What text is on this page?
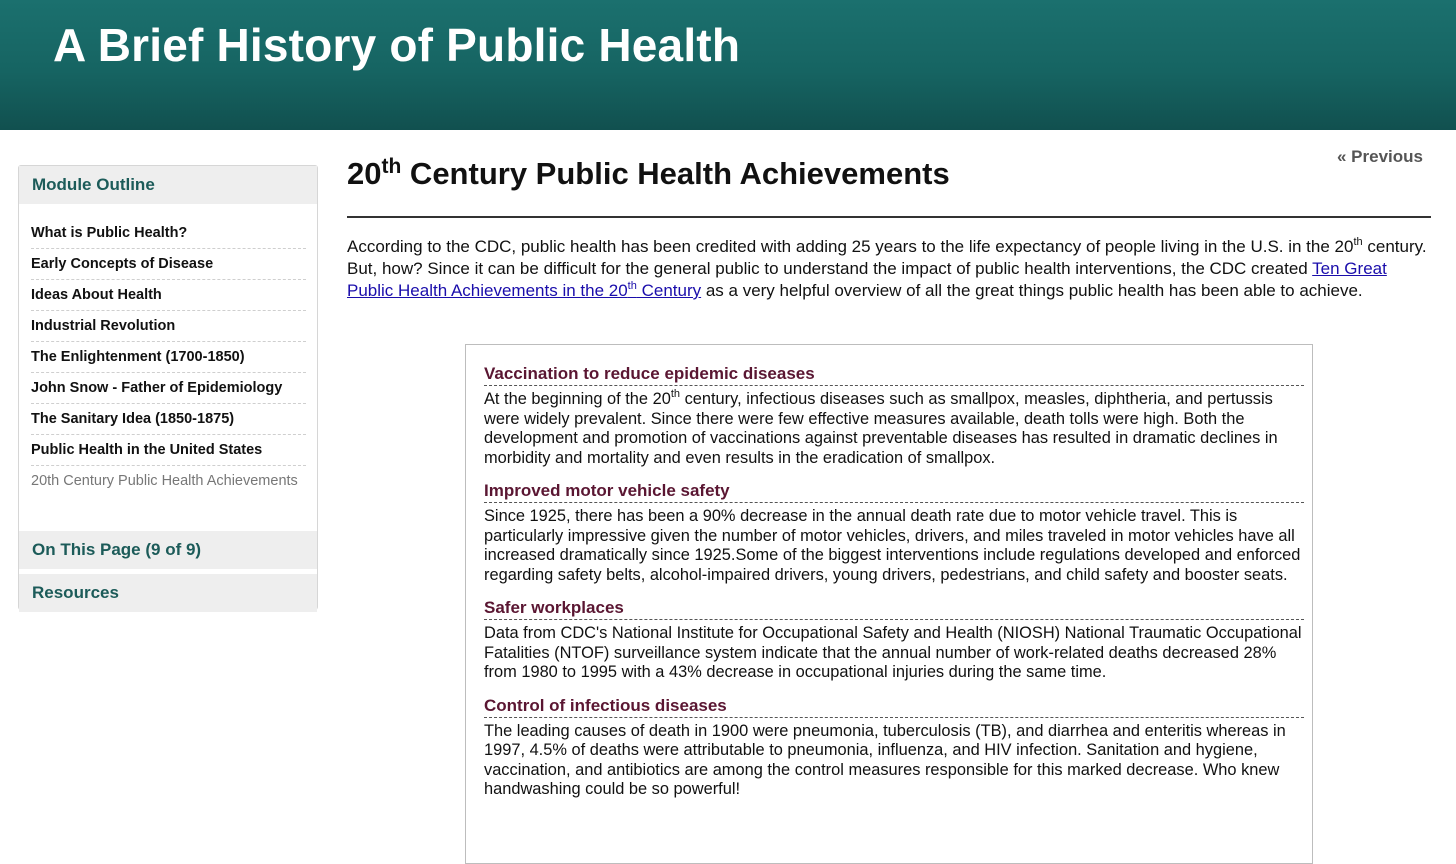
A Brief History of Public Health
Module Outline
What is Public Health?
Early Concepts of Disease
Ideas About Health
Industrial Revolution
The Enlightenment (1700-1850)
John Snow - Father of Epidemiology
The Sanitary Idea (1850-1875)
Public Health in the United States
20th Century Public Health Achievements
On This Page (9 of 9)
Resources
« Previous
20th Century Public Health Achievements

According to the CDC, public health has been credited with adding 25 years to the life expectancy of people living in the U.S. in the 20th century. But, how? Since it can be difficult for the general public to understand the impact of public health interventions, the CDC created Ten Great Public Health Achievements in the 20th Century as a very helpful overview of all the great things public health has been able to achieve.

Vaccination to reduce epidemic diseases

At the beginning of the 20th century, infectious diseases such as smallpox, measles, diphtheria, and pertussis were widely prevalent. Since there were few effective measures available, death tolls were high. Both the development and promotion of vaccinations against preventable diseases has resulted in dramatic declines in morbidity and mortality and even results in the eradication of smallpox.

Improved motor vehicle safety

Since 1925, there has been a 90% decrease in the annual death rate due to motor vehicle travel. This is particularly impressive given the number of motor vehicles, drivers, and miles traveled in motor vehicles have all increased dramatically since 1925.Some of the biggest interventions include regulations developed and enforced regarding safety belts, alcohol-impaired drivers, young drivers, pedestrians, and child safety and booster seats.

Safer workplaces

Data from CDC's National Institute for Occupational Safety and Health (NIOSH) National Traumatic Occupational Fatalities (NTOF) surveillance system indicate that the annual number of work-related deaths decreased 28% from 1980 to 1995 with a 43% decrease in occupational injuries during the same time.

Control of infectious diseases

The leading causes of death in 1900 were pneumonia, tuberculosis (TB), and diarrhea and enteritis whereas in 1997, 4.5% of deaths were attributable to pneumonia, influenza, and HIV infection. Sanitation and hygiene, vaccination, and antibiotics are among the control measures responsible for this marked decrease. Who knew handwashing could be so powerful!
